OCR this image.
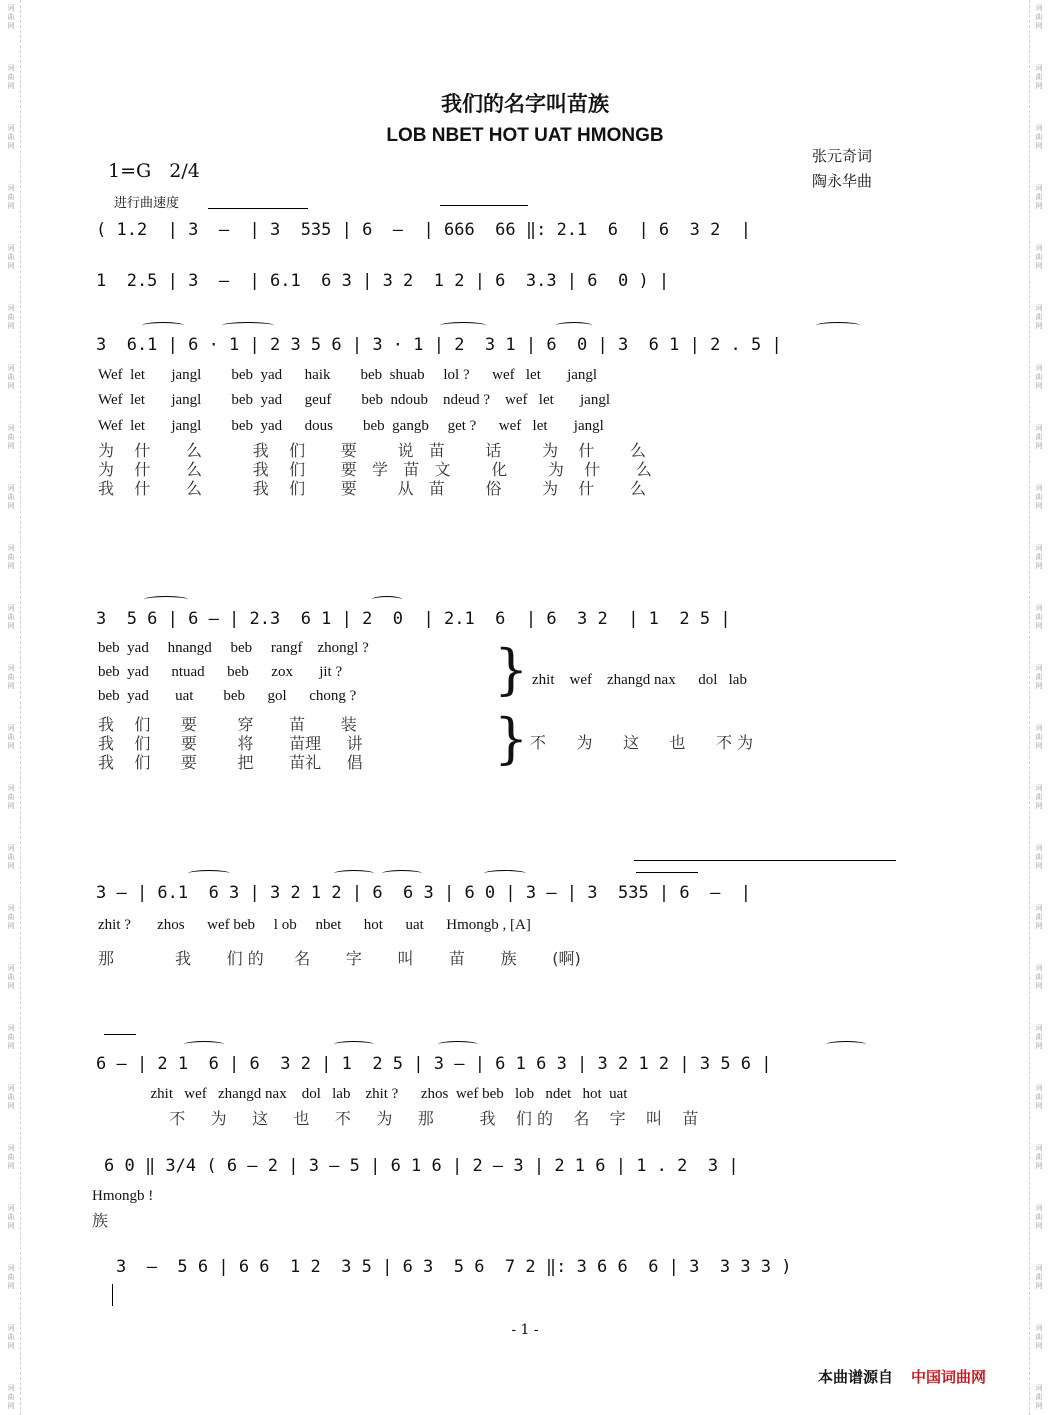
词
曲
网
词
曲
网
词
曲
网
词
曲
网
词
曲
网
词
曲
网
词
曲
网
词
曲
网
词
曲
网
词
曲
网
词
曲
网
词
曲
网
词
曲
网
词
曲
网
词
曲
网
词
曲
网
词
曲
网
词
曲
网
词
曲
网
词
曲
网
词
曲
网
词
曲
网
词
曲
网
词
曲
网
词
曲
网
词
曲
网
词
曲
网
词
曲
网
词
曲
网
词
曲
网
词
曲
网
词
曲
网
词
曲
网
词
曲
网
词
曲
网
词
曲
网
词
曲
网
词
曲
网
词
曲
网
词
曲
网
词
曲
网
词
曲
网
词
曲
网
词
曲
网
词
曲
网
词
曲
网
词
曲
网
词
曲
网
我们的名字叫苗族
LOB NBET HOT UAT HMONGB
张元奇词
陶永华曲
1=G   2/4
进行曲速度
( 1.2  | 3  —  | 3  535 | 6  —  | 666  66 ‖: 2.1  6  | 6  3 2  |
1  2.5 | 3  —  | 6.1  6 3 | 3 2  1 2 | 6  3.3 | 6  0 ) |
3  6.1 | 6 · 1 | 2 3 5 6 | 3 · 1 | 2  3 1 | 6  0 | 3  6 1 | 2 . 5 |
Wef  let       jangl        beb  yad      haik        beb  shuab     lol ?      wef   let       jangl
Wef  let       jangl        beb  yad      geuf        beb  ndoub    ndeud ?    wef   let       jangl
Wef  let       jangl        beb  yad      dous        beb  gangb     get ?      wef   let       jangl
为    什       么          我    们       要        说   苗        话        为    什       么
为    什       么          我    们       要   学   苗   文        化        为    什       么
我    什       么          我    们       要        从   苗        俗        为    什       么
3  5 6 | 6 — | 2.3  6 1 | 2  0  | 2.1  6  | 6  3 2  | 1  2 5 |
beb  yad     hnangd     beb     rangf    zhongl ?
beb  yad      ntuad      beb      zox       jit ?
beb  yad       uat        beb      gol      chong ?	} zhit    wef    zhangd nax      dol   lab
我    们      要        穿       苗       装
我    们      要        将       苗理     讲
我    们      要        把       苗礼     倡	} 不      为      这      也      不 为
3 — | 6.1  6 3 | 3 2 1 2 | 6  6 3 | 6 0 | 3 — | 3  535 | 6  —  |
zhit ?       zhos      wef beb     l ob     nbet      hot      uat      Hmongb , [A]
那            我       们 的      名       字       叫       苗       族       (啊)
6 — | 2 1  6 | 6  3 2 | 1  2 5 | 3 — | 6 1 6 3 | 3 2 1 2 | 3 5 6 |
zhit   wef   zhangd nax    dol   lab    zhit ?      zhos  wef beb   lob   ndet   hot  uat
不     为     这     也     不     为     那         我    们 的    名    字    叫    苗
6 0 ‖ 3/4 ( 6 — 2 | 3 — 5 | 6 1 6 | 2 — 3 | 2 1 6 | 1 . 2  3 |
Hmongb !
族
3  —  5 6 | 6 6  1 2  3 5 | 6 3  5 6  7 2 ‖: 3 6 6  6 | 3  3 3 3 )
- 1 -
本曲谱源自 中国词曲网
